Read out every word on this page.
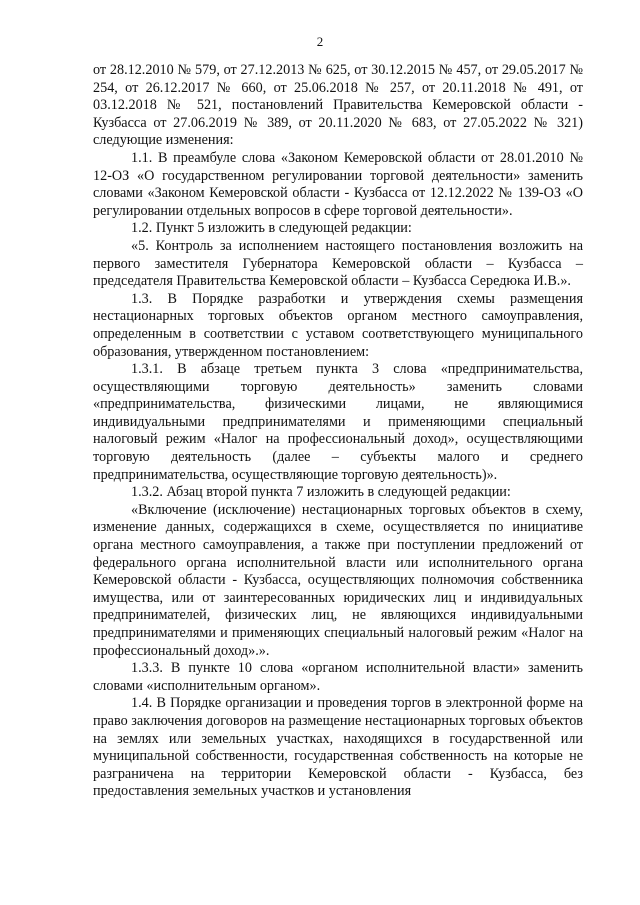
2

от 28.12.2010 № 579, от 27.12.2013 № 625, от 30.12.2015 № 457, от 29.05.2017 № 254, от 26.12.2017 № 660, от 25.06.2018 № 257, от 20.11.2018 № 491, от 03.12.2018 № 521, постановлений Правительства Кемеровской области - Кузбасса от 27.06.2019 № 389, от 20.11.2020 № 683, от 27.05.2022 № 321) следующие изменения:

1.1. В преамбуле слова «Законом Кемеровской области от 28.01.2010 № 12-ОЗ «О государственном регулировании торговой деятельности» заменить словами «Законом Кемеровской области - Кузбасса от 12.12.2022 № 139-ОЗ «О регулировании отдельных вопросов в сфере торговой деятельности».

1.2. Пункт 5 изложить в следующей редакции:

«5. Контроль за исполнением настоящего постановления возложить на первого заместителя Губернатора Кемеровской области – Кузбасса – председателя Правительства Кемеровской области – Кузбасса Середюка И.В.».

1.3. В Порядке разработки и утверждения схемы размещения нестационарных торговых объектов органом местного самоуправления, определенным в соответствии с уставом соответствующего муниципального образования, утвержденном постановлением:

1.3.1. В абзаце третьем пункта 3 слова «предпринимательства, осуществляющими торговую деятельность» заменить словами «предпринимательства, физическими лицами, не являющимися индивидуальными предпринимателями и применяющими специальный налоговый режим «Налог на профессиональный доход», осуществляющими торговую деятельность (далее – субъекты малого и среднего предпринимательства, осуществляющие торговую деятельность)».

1.3.2. Абзац второй пункта 7 изложить в следующей редакции:

«Включение (исключение) нестационарных торговых объектов в схему, изменение данных, содержащихся в схеме, осуществляется по инициативе органа местного самоуправления, а также при поступлении предложений от федерального органа исполнительной власти или исполнительного органа Кемеровской области - Кузбасса, осуществляющих полномочия собственника имущества, или от заинтересованных юридических лиц и индивидуальных предпринимателей, физических лиц, не являющихся индивидуальными предпринимателями и применяющих специальный налоговый режим «Налог на профессиональный доход».».

1.3.3. В пункте 10 слова «органом исполнительной власти» заменить словами «исполнительным органом».

1.4. В Порядке организации и проведения торгов в электронной форме на право заключения договоров на размещение нестационарных торговых объектов на землях или земельных участках, находящихся в государственной или муниципальной собственности, государственная собственность на которые не разграничена на территории Кемеровской области - Кузбасса, без предоставления земельных участков и установления
